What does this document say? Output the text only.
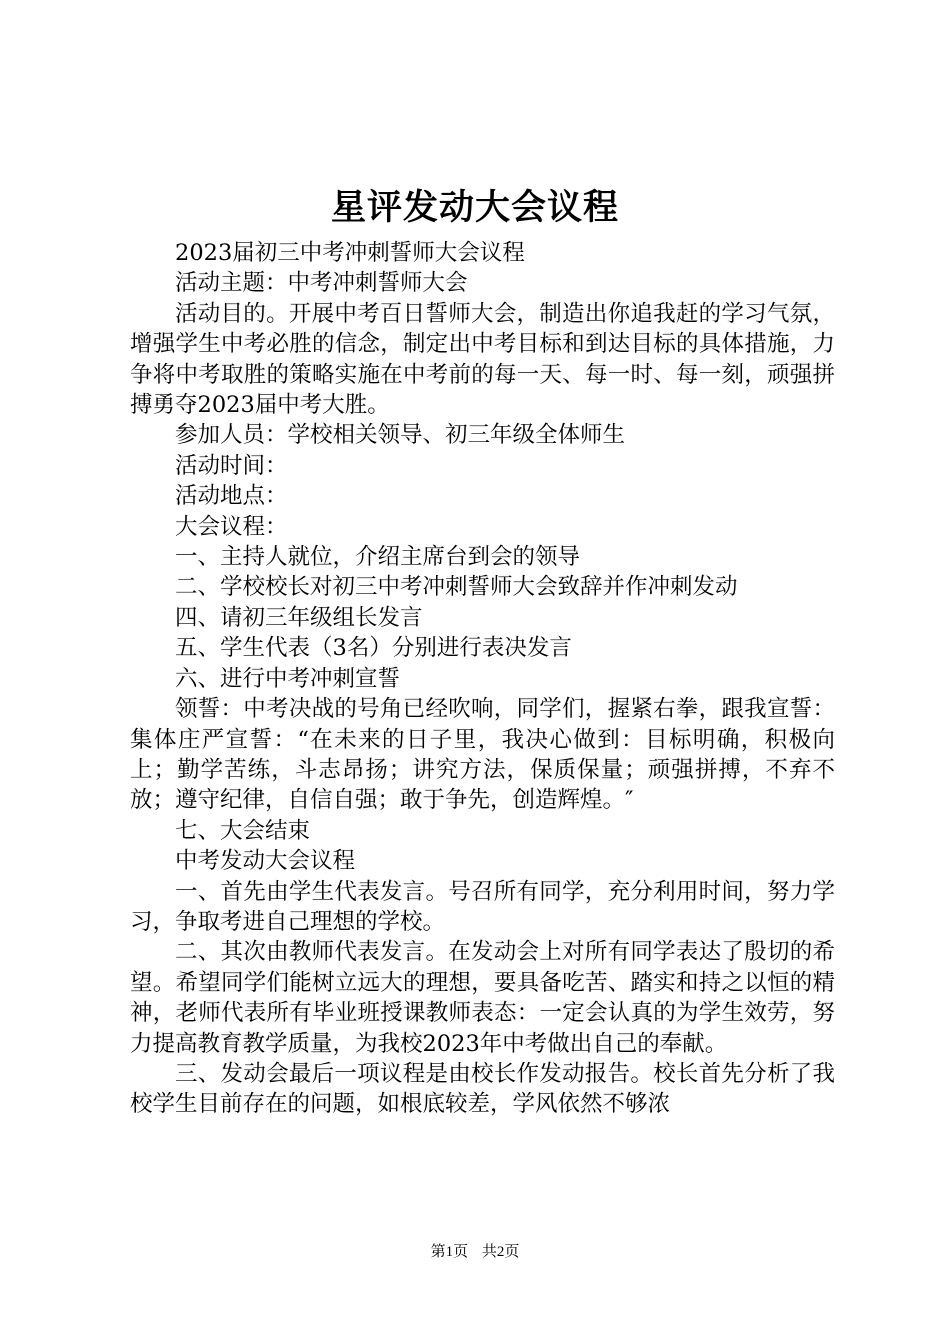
星评发动大会议程

2023届初三中考冲刺誓师大会议程

活动主题：中考冲刺誓师大会

活动目的。开展中考百日誓师大会，制造出你追我赶的学习气氛，增强学生中考必胜的信念，制定出中考目标和到达目标的具体措施，力争将中考取胜的策略实施在中考前的每一天、每一时、每一刻，顽强拼搏勇夺2023届中考大胜。

参加人员：学校相关领导、初三年级全体师生

活动时间：

活动地点：

大会议程：

一、主持人就位，介绍主席台到会的领导

二、学校校长对初三中考冲刺誓师大会致辞并作冲刺发动

四、请初三年级组长发言

五、学生代表（3名）分别进行表决发言

六、进行中考冲刺宣誓

领誓：中考决战的号角已经吹响，同学们，握紧右拳，跟我宣誓：集体庄严宣誓：“在未来的日子里，我决心做到：目标明确，积极向上；勤学苦练，斗志昂扬；讲究方法，保质保量；顽强拼搏，不弃不放；遵守纪律，自信自强；敢于争先，创造辉煌。″

七、大会结束

中考发动大会议程

一、首先由学生代表发言。号召所有同学，充分利用时间，努力学习，争取考进自己理想的学校。

二、其次由教师代表发言。在发动会上对所有同学表达了殷切的希望。希望同学们能树立远大的理想，要具备吃苦、踏实和持之以恒的精神，老师代表所有毕业班授课教师表态：一定会认真的为学生效劳，努力提高教育教学质量，为我校2023年中考做出自己的奉献。

三、发动会最后一项议程是由校长作发动报告。校长首先分析了我校学生目前存在的问题，如根底较差，学风依然不够浓

第1页 共2页
